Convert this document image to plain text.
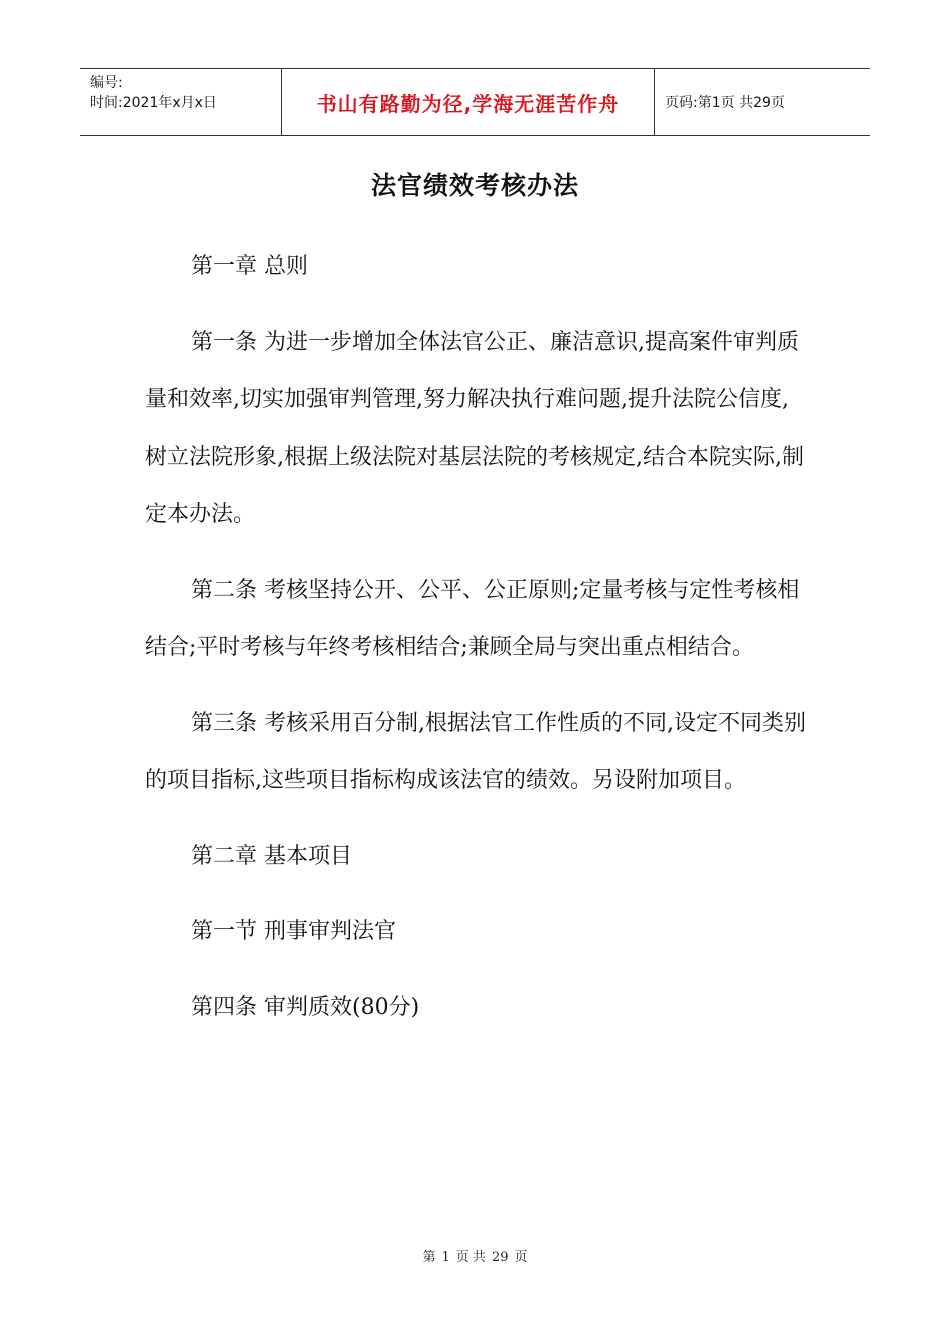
编号:
时间:2021年x月x日	书山有路勤为径,学海无涯苦作舟	页码:第1页 共29页
法官绩效考核办法

第一章 总则

第一条 为进一步增加全体法官公正、廉洁意识,提高案件审判质量和效率,切实加强审判管理,努力解决执行难问题,提升法院公信度,树立法院形象,根据上级法院对基层法院的考核规定,结合本院实际,制定本办法。

第二条 考核坚持公开、公平、公正原则;定量考核与定性考核相结合;平时考核与年终考核相结合;兼顾全局与突出重点相结合。

第三条 考核采用百分制,根据法官工作性质的不同,设定不同类别的项目指标,这些项目指标构成该法官的绩效。另设附加项目。

第二章 基本项目

第一节 刑事审判法官

第四条 审判质效(80分)

第 1 页 共 29 页
